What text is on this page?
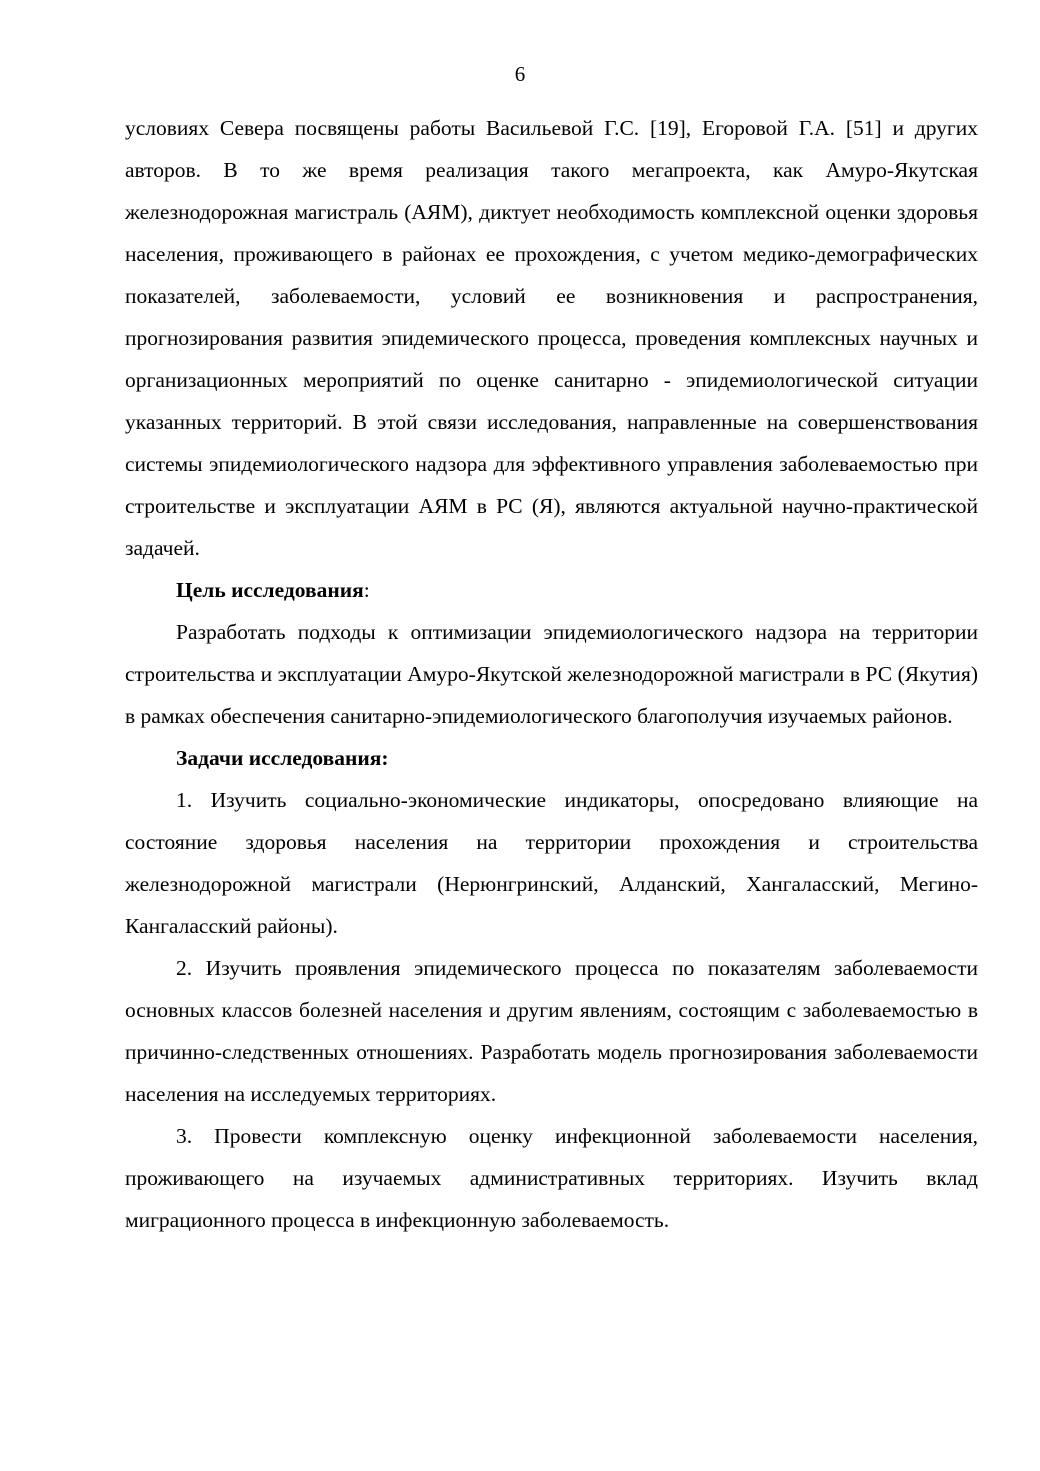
6

условиях Севера посвящены работы Васильевой Г.С. [19], Егоровой Г.А. [51] и других авторов. В то же время реализация такого мегапроекта, как Амуро-Якутская железнодорожная магистраль (АЯМ), диктует необходимость комплексной оценки здоровья населения, проживающего в районах ее прохождения, с учетом медико-демографических показателей, заболеваемости, условий ее возникновения и распространения, прогнозирования развития эпидемического процесса, проведения комплексных научных и организационных мероприятий по оценке санитарно - эпидемиологической ситуации указанных территорий. В этой связи исследования, направленные на совершенствования системы эпидемиологического надзора для эффективного управления заболеваемостью при строительстве и эксплуатации АЯМ в РС (Я), являются актуальной научно-практической задачей.

Цель исследования:

Разработать подходы к оптимизации эпидемиологического надзора на территории строительства и эксплуатации Амуро-Якутской железнодорожной магистрали в РС (Якутия) в рамках обеспечения санитарно-эпидемиологического благополучия изучаемых районов.

Задачи исследования:

1. Изучить социально-экономические индикаторы, опосредовано влияющие на состояние здоровья населения на территории прохождения и строительства железнодорожной магистрали (Нерюнгринский, Алданский, Хангаласский, Мегино-Кангаласский районы).

2. Изучить проявления эпидемического процесса по показателям заболеваемости основных классов болезней населения и другим явлениям, состоящим с заболеваемостью в причинно-следственных отношениях. Разработать модель прогнозирования заболеваемости населения на исследуемых территориях.

3. Провести комплексную оценку инфекционной заболеваемости населения, проживающего на изучаемых административных территориях. Изучить вклад миграционного процесса в инфекционную заболеваемость.
